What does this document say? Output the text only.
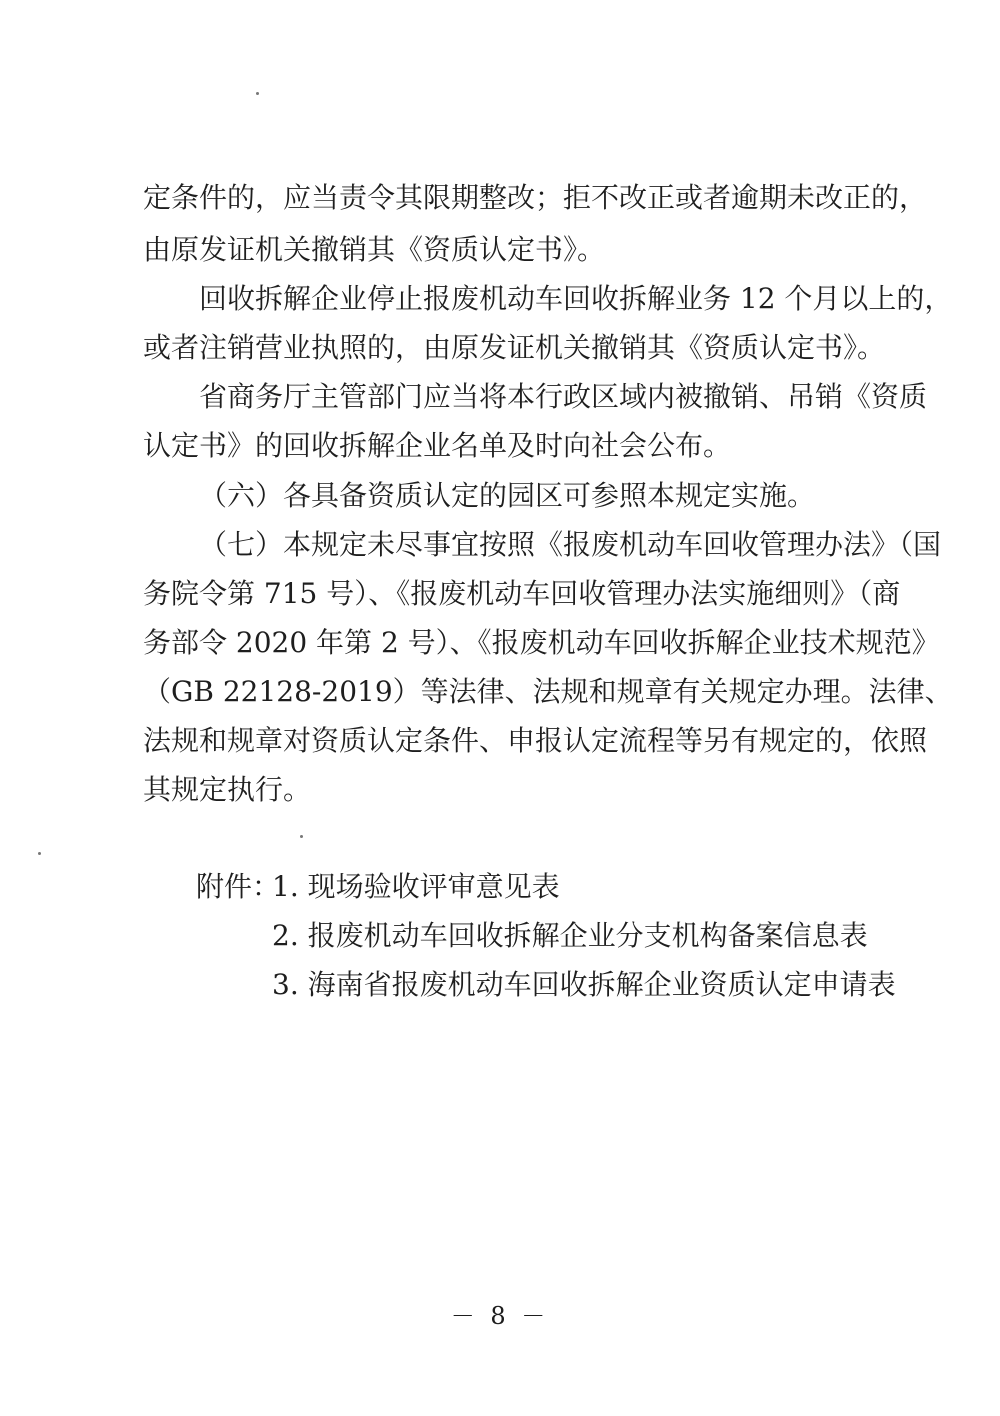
定条件的，应当责令其限期整改；拒不改正或者逾期未改正的，
由原发证机关撤销其《资质认定书》。
回收拆解企业停止报废机动车回收拆解业务 12 个月以上的，
或者注销营业执照的，由原发证机关撤销其《资质认定书》。
省商务厅主管部门应当将本行政区域内被撤销、吊销《资质
认定书》的回收拆解企业名单及时向社会公布。
（六）各具备资质认定的园区可参照本规定实施。
（七）本规定未尽事宜按照《报废机动车回收管理办法》（国
务院令第 715 号）、《报废机动车回收管理办法实施细则》（商
务部令 2020 年第 2 号）、《报废机动车回收拆解企业技术规范》
（GB 22128-2019）等法律、法规和规章有关规定办理。法律、
法规和规章对资质认定条件、申报认定流程等另有规定的，依照
其规定执行。
附件：
1. 现场验收评审意见表
2. 报废机动车回收拆解企业分支机构备案信息表
3. 海南省报废机动车回收拆解企业资质认定申请表
－ 8 －
